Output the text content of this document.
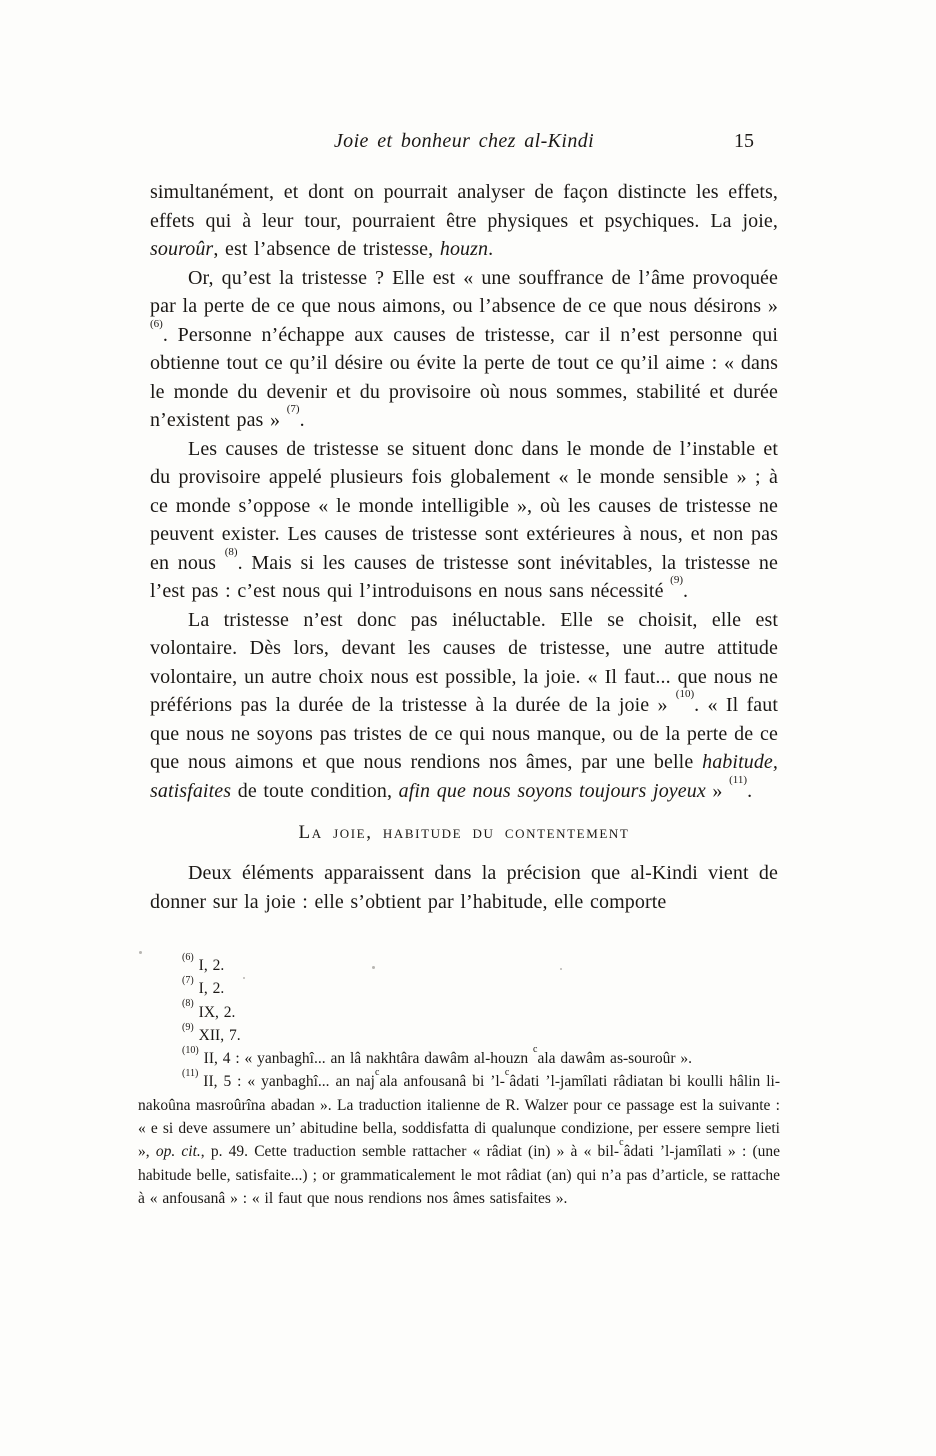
Joie et bonheur chez al-Kindi	15

simultanément, et dont on pourrait analyser de façon distincte les effets, effets qui à leur tour, pourraient être physiques et psychiques. La joie, souroûr, est l’absence de tristesse, houzn.

Or, qu’est la tristesse ? Elle est « une souffrance de l’âme provoquée par la perte de ce que nous aimons, ou l’absence de ce que nous désirons » $^{(6)}$. Personne n’échappe aux causes de tristesse, car il n’est personne qui obtienne tout ce qu’il désire ou évite la perte de tout ce qu’il aime : « dans le monde du devenir et du provisoire où nous sommes, stabilité et durée n’existent pas » $^{(7)}$.

Les causes de tristesse se situent donc dans le monde de l’instable et du provisoire appelé plusieurs fois globalement « le monde sensible » ; à ce monde s’oppose « le monde intelligible », où les causes de tristesse ne peuvent exister. Les causes de tristesse sont extérieures à nous, et non pas en nous $^{(8)}$. Mais si les causes de tristesse sont inévitables, la tristesse ne l’est pas : c’est nous qui l’introduisons en nous sans nécessité $^{(9)}$.

La tristesse n’est donc pas inéluctable. Elle se choisit, elle est volontaire. Dès lors, devant les causes de tristesse, une autre attitude volontaire, un autre choix nous est possible, la joie. « Il faut... que nous ne préférions pas la durée de la tristesse à la durée de la joie » $^{(10)}$. « Il faut que nous ne soyons pas tristes de ce qui nous manque, ou de la perte de ce que nous aimons et que nous rendions nos âmes, par une belle habitude, satisfaites de toute condition, afin que nous soyons toujours joyeux » $^{(11)}$.

La joie, habitude du contentement

Deux éléments apparaissent dans la précision que al-Kindi vient de donner sur la joie : elle s’obtient par l’habitude, elle comporte

$^{(6)}$ I, 2.

$^{(7)}$ I, 2.

$^{(8)}$ IX, 2.

$^{(9)}$ XII, 7.

$^{(10)}$ II, 4 : « yanbaghî... an lâ nakhtâra dawâm al-houzn $^c$ala dawâm as-souroûr ».

$^{(11)}$ II, 5 : « yanbaghî... an naj$^c$ala anfousanâ bi ’l-$^c$âdati ’l-jamîlati râdiatan bi koulli hâlin li-nakoûna masroûrîna abadan ». La traduction italienne de R. Walzer pour ce passage est la suivante : « e si deve assumere un’ abitudine bella, soddisfatta di qualunque condizione, per essere sempre lieti », op. cit., p. 49. Cette traduction semble rattacher « râdiat (in) » à « bil-$^c$âdati ’l-jamîlati » : (une habitude belle, satisfaite...) ; or grammaticalement le mot râdiat (an) qui n’a pas d’article, se rattache à « anfousanâ » : « il faut que nous rendions nos âmes satisfaites ».
